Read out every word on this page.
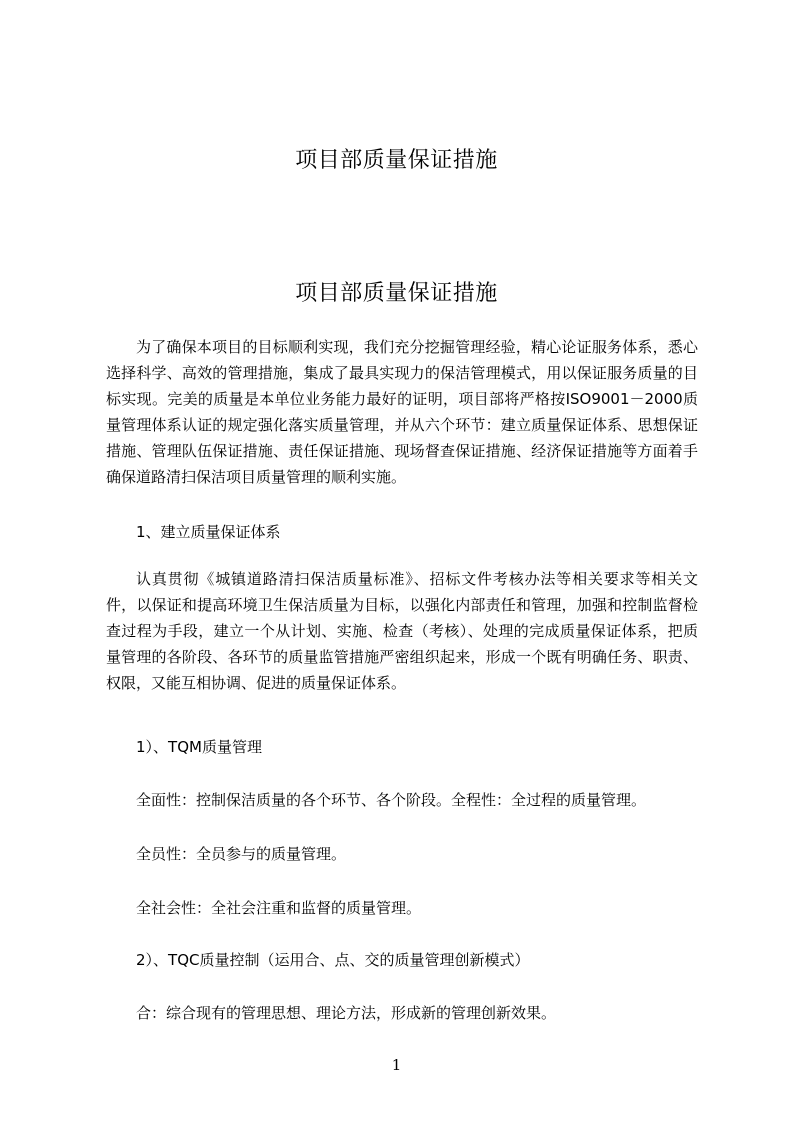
项目部质量保证措施
项目部质量保证措施

为了确保本项目的目标顺利实现，我们充分挖掘管理经验，精心论证服务体系，悉心选择科学、高效的管理措施，集成了最具实现力的保洁管理模式，用以保证服务质量的目标实现。完美的质量是本单位业务能力最好的证明，项目部将严格按ISO9001－2000质量管理体系认证的规定强化落实质量管理，并从六个环节：建立质量保证体系、思想保证措施、管理队伍保证措施、责任保证措施、现场督查保证措施、经济保证措施等方面着手确保道路清扫保洁项目质量管理的顺利实施。

1、建立质量保证体系

认真贯彻《城镇道路清扫保洁质量标准》、招标文件考核办法等相关要求等相关文件，以保证和提高环境卫生保洁质量为目标，以强化内部责任和管理，加强和控制监督检查过程为手段，建立一个从计划、实施、检查（考核）、处理的完成质量保证体系，把质量管理的各阶段、各环节的质量监管措施严密组织起来，形成一个既有明确任务、职责、权限，又能互相协调、促进的质量保证体系。

1）、TQM质量管理

全面性：控制保洁质量的各个环节、各个阶段。全程性：全过程的质量管理。

全员性：全员参与的质量管理。

全社会性：全社会注重和监督的质量管理。

2）、TQC质量控制（运用合、点、交的质量管理创新模式）

合：综合现有的管理思想、理论方法，形成新的管理创新效果。

1
